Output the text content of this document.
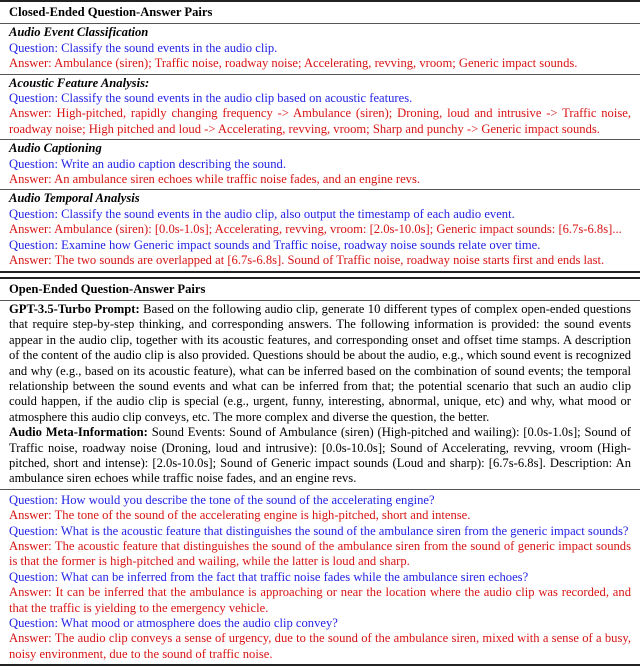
Closed-Ended Question-Answer Pairs
Audio Event Classification
Question: Classify the sound events in the audio clip.
Answer: Ambulance (siren); Traffic noise, roadway noise; Accelerating, revving, vroom; Generic impact sounds.
Acoustic Feature Analysis:
Question: Classify the sound events in the audio clip based on acoustic features.
Answer: High-pitched, rapidly changing frequency -> Ambulance (siren); Droning, loud and intrusive -> Traffic noise, roadway noise; High pitched and loud -> Accelerating, revving, vroom; Sharp and punchy -> Generic impact sounds.
Audio Captioning
Question: Write an audio caption describing the sound.
Answer: An ambulance siren echoes while traffic noise fades, and an engine revs.
Audio Temporal Analysis
Question: Classify the sound events in the audio clip, also output the timestamp of each audio event.
Answer: Ambulance (siren): [0.0s-1.0s]; Accelerating, revving, vroom: [2.0s-10.0s]; Generic impact sounds: [6.7s-6.8s]...
Question: Examine how Generic impact sounds and Traffic noise, roadway noise sounds relate over time.
Answer: The two sounds are overlapped at [6.7s-6.8s]. Sound of Traffic noise, roadway noise starts first and ends last.
Open-Ended Question-Answer Pairs
GPT-3.5-Turbo Prompt: Based on the following audio clip, generate 10 different types of complex open-ended questions that require step-by-step thinking, and corresponding answers. The following information is provided: the sound events appear in the audio clip, together with its acoustic features, and corresponding onset and offset time stamps. A description of the content of the audio clip is also provided. Questions should be about the audio, e.g., which sound event is recognized and why (e.g., based on its acoustic feature), what can be inferred based on the combination of sound events; the temporal relationship between the sound events and what can be inferred from that; the potential scenario that such an audio clip could happen, if the audio clip is special (e.g., urgent, funny, interesting, abnormal, unique, etc) and why, what mood or atmosphere this audio clip conveys, etc. The more complex and diverse the question, the better.
Audio Meta-Information: Sound Events: Sound of Ambulance (siren) (High-pitched and wailing): [0.0s-1.0s]; Sound of Traffic noise, roadway noise (Droning, loud and intrusive): [0.0s-10.0s]; Sound of Accelerating, revving, vroom (High-pitched, short and intense): [2.0s-10.0s]; Sound of Generic impact sounds (Loud and sharp): [6.7s-6.8s]. Description: An ambulance siren echoes while traffic noise fades, and an engine revs.
Question: How would you describe the tone of the sound of the accelerating engine?
Answer: The tone of the sound of the accelerating engine is high-pitched, short and intense.
Question: What is the acoustic feature that distinguishes the sound of the ambulance siren from the generic impact sounds?
Answer: The acoustic feature that distinguishes the sound of the ambulance siren from the sound of generic impact sounds is that the former is high-pitched and wailing, while the latter is loud and sharp.
Question: What can be inferred from the fact that traffic noise fades while the ambulance siren echoes?
Answer: It can be inferred that the ambulance is approaching or near the location where the audio clip was recorded, and that the traffic is yielding to the emergency vehicle.
Question: What mood or atmosphere does the audio clip convey?
Answer: The audio clip conveys a sense of urgency, due to the sound of the ambulance siren, mixed with a sense of a busy, noisy environment, due to the sound of traffic noise.
